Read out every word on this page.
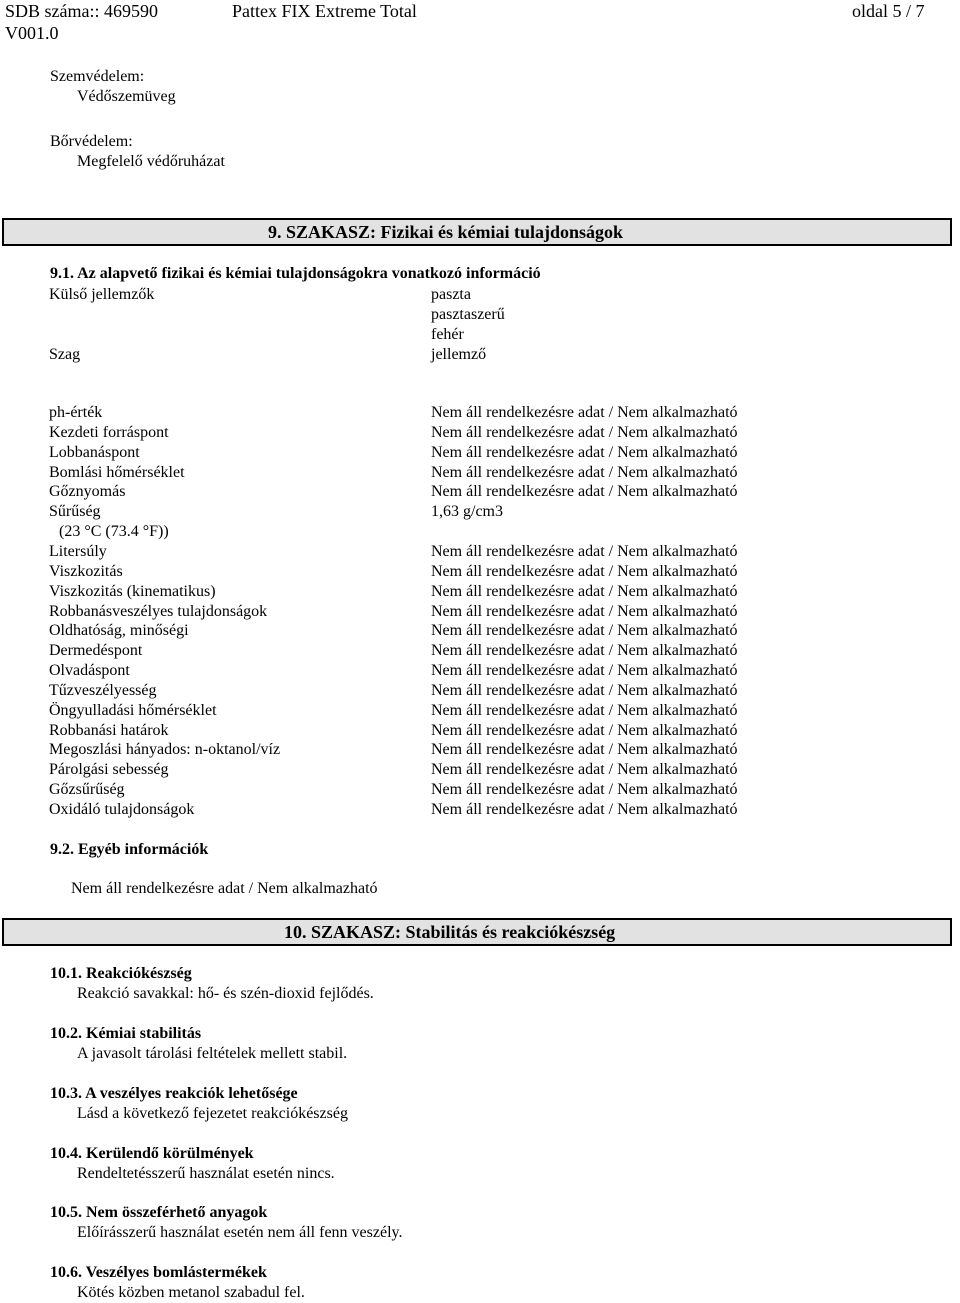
SDB száma:: 469590
V001.0
Pattex FIX Extreme Total	oldal 5 / 7
Szemvédelem:
Védőszemüveg
Bőrvédelem:
Megfelelő védőruházat
9. SZAKASZ: Fizikai és kémiai tulajdonságok
9.1. Az alapvető fizikai és kémiai tulajdonságokra vonatkozó információ
Külső jellemzők	paszta
pasztaszerű
fehér
Szag	jellemző
ph-érték	Nem áll rendelkezésre adat / Nem alkalmazható
Kezdeti forráspont	Nem áll rendelkezésre adat / Nem alkalmazható
Lobbanáspont	Nem áll rendelkezésre adat / Nem alkalmazható
Bomlási hőmérséklet	Nem áll rendelkezésre adat / Nem alkalmazható
Gőznyomás	Nem áll rendelkezésre adat / Nem alkalmazható
Sűrűség	1,63 g/cm3
(23 °C (73.4 °F))
Litersúly	Nem áll rendelkezésre adat / Nem alkalmazható
Viszkozitás	Nem áll rendelkezésre adat / Nem alkalmazható
Viszkozitás (kinematikus)	Nem áll rendelkezésre adat / Nem alkalmazható
Robbanásveszélyes tulajdonságok	Nem áll rendelkezésre adat / Nem alkalmazható
Oldhatóság, minőségi	Nem áll rendelkezésre adat / Nem alkalmazható
Dermedéspont	Nem áll rendelkezésre adat / Nem alkalmazható
Olvadáspont	Nem áll rendelkezésre adat / Nem alkalmazható
Tűzveszélyesség	Nem áll rendelkezésre adat / Nem alkalmazható
Öngyulladási hőmérséklet	Nem áll rendelkezésre adat / Nem alkalmazható
Robbanási határok	Nem áll rendelkezésre adat / Nem alkalmazható
Megoszlási hányados: n-oktanol/víz	Nem áll rendelkezésre adat / Nem alkalmazható
Párolgási sebesség	Nem áll rendelkezésre adat / Nem alkalmazható
Gőzsűrűség	Nem áll rendelkezésre adat / Nem alkalmazható
Oxidáló tulajdonságok	Nem áll rendelkezésre adat / Nem alkalmazható
9.2. Egyéb információk
Nem áll rendelkezésre adat / Nem alkalmazható
10. SZAKASZ: Stabilitás és reakciókészség
10.1. Reakciókészség
Reakció savakkal: hő- és szén-dioxid fejlődés.
10.2. Kémiai stabilitás
A javasolt tárolási feltételek mellett stabil.
10.3. A veszélyes reakciók lehetősége
Lásd a következő fejezetet reakciókészség
10.4. Kerülendő körülmények
Rendeltetésszerű használat esetén nincs.
10.5. Nem összeférhető anyagok
Előírásszerű használat esetén nem áll fenn veszély.
10.6. Veszélyes bomlástermékek
Kötés közben metanol szabadul fel.
